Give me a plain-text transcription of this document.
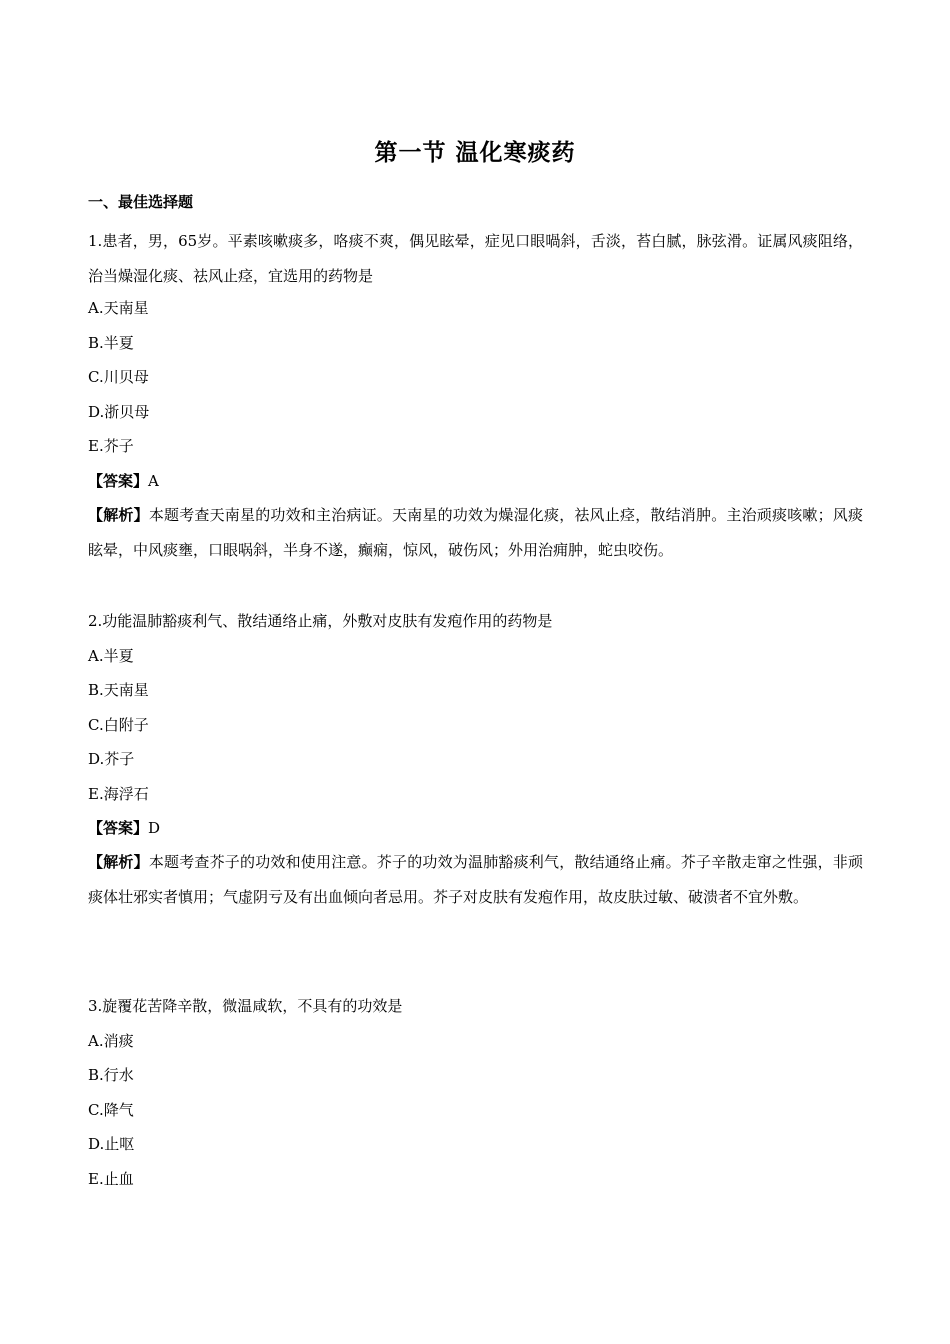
第一节 温化寒痰药
一、最佳选择题
1.患者，男，65岁。平素咳嗽痰多，咯痰不爽，偶见眩晕，症见口眼喎斜，舌淡，苔白腻，脉弦滑。证属风痰阻络，治当燥湿化痰、祛风止痉，宜选用的药物是
A.天南星
B.半夏
C.川贝母
D.浙贝母
E.芥子
【答案】A
【解析】本题考查天南星的功效和主治病证。天南星的功效为燥湿化痰，祛风止痉，散结消肿。主治顽痰咳嗽；风痰眩晕，中风痰壅，口眼㖞斜，半身不遂，癫痫，惊风，破伤风；外用治痈肿，蛇虫咬伤。
2.功能温肺豁痰利气、散结通络止痛，外敷对皮肤有发疱作用的药物是
A.半夏
B.天南星
C.白附子
D.芥子
E.海浮石
【答案】D
【解析】本题考查芥子的功效和使用注意。芥子的功效为温肺豁痰利气，散结通络止痛。芥子辛散走窜之性强，非顽痰体壮邪实者慎用；气虚阴亏及有出血倾向者忌用。芥子对皮肤有发疱作用，故皮肤过敏、破溃者不宜外敷。
3.旋覆花苦降辛散，微温咸软，不具有的功效是
A.消痰
B.行水
C.降气
D.止呕
E.止血
